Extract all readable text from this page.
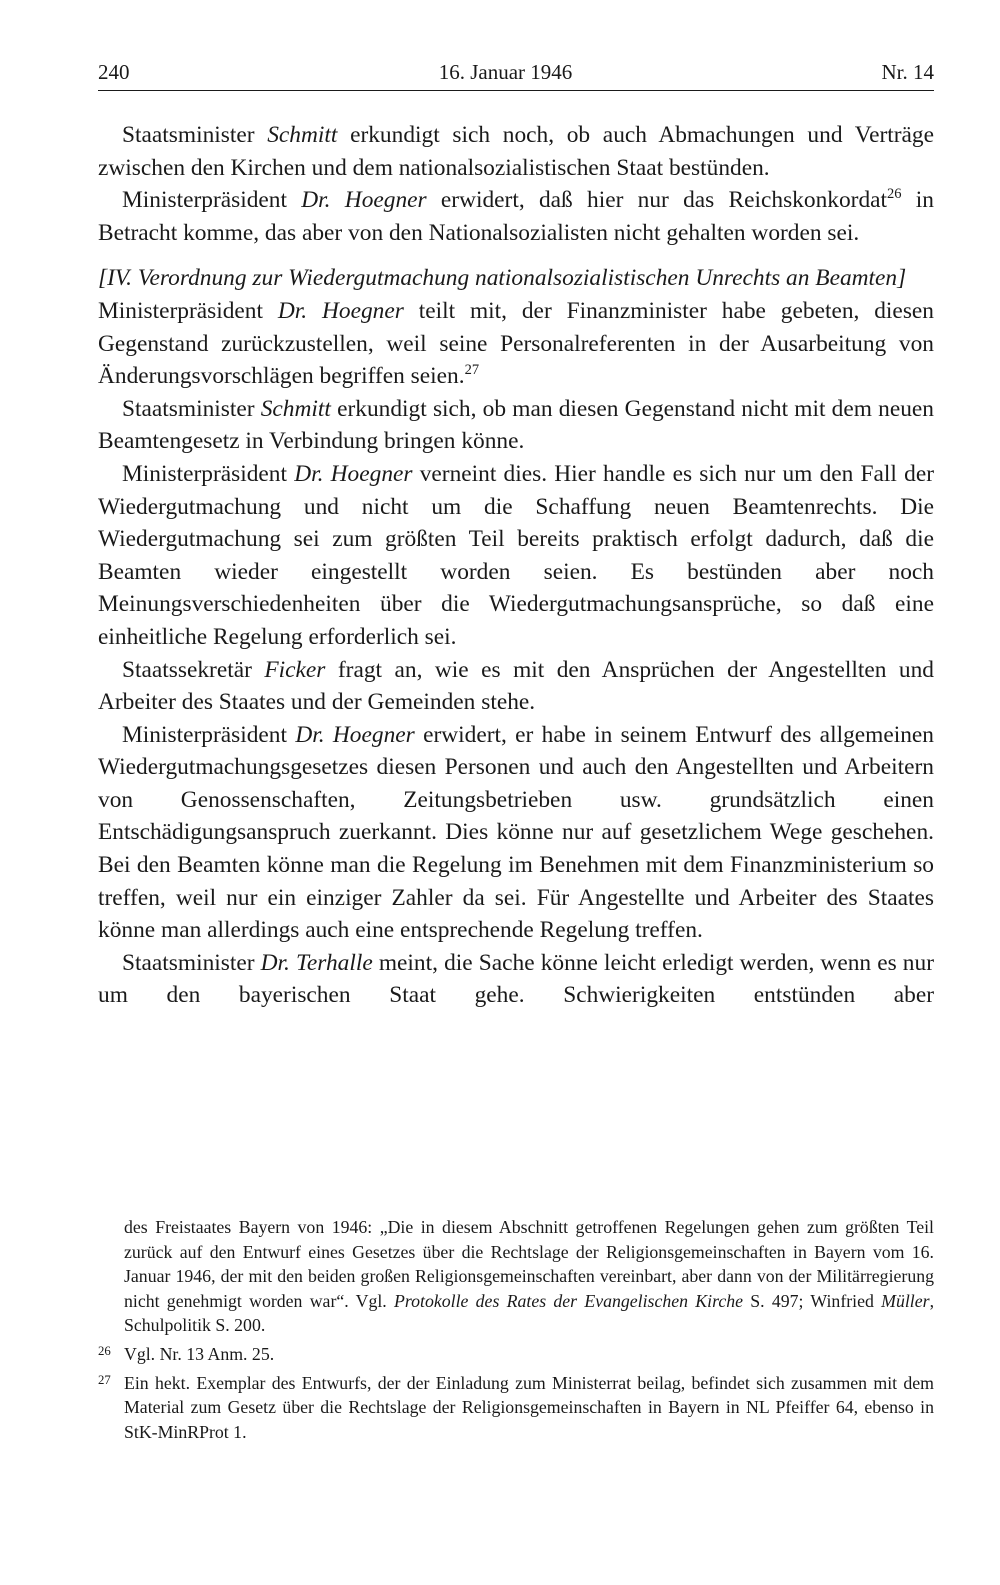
240	16. Januar 1946	Nr. 14

Staatsminister Schmitt erkundigt sich noch, ob auch Abmachungen und Verträge zwischen den Kirchen und dem nationalsozialistischen Staat bestünden.

Ministerpräsident Dr. Hoegner erwidert, daß hier nur das Reichskonkordat$^{26}$ in Betracht komme, das aber von den Nationalsozialisten nicht gehalten worden sei.

[IV. Verordnung zur Wiedergutmachung nationalsozialistischen Unrechts an Beamten]

Ministerpräsident Dr. Hoegner teilt mit, der Finanzminister habe gebeten, diesen Gegenstand zurückzustellen, weil seine Personalreferenten in der Ausarbeitung von Änderungsvorschlägen begriffen seien.$^{27}$

Staatsminister Schmitt erkundigt sich, ob man diesen Gegenstand nicht mit dem neuen Beamtengesetz in Verbindung bringen könne.

Ministerpräsident Dr. Hoegner verneint dies. Hier handle es sich nur um den Fall der Wiedergutmachung und nicht um die Schaffung neuen Beamtenrechts. Die Wiedergutmachung sei zum größten Teil bereits praktisch erfolgt dadurch, daß die Beamten wieder eingestellt worden seien. Es bestünden aber noch Meinungsverschiedenheiten über die Wiedergutmachungsansprüche, so daß eine einheitliche Regelung erforderlich sei.

Staatssekretär Ficker fragt an, wie es mit den Ansprüchen der Angestellten und Arbeiter des Staates und der Gemeinden stehe.

Ministerpräsident Dr. Hoegner erwidert, er habe in seinem Entwurf des allgemeinen Wiedergutmachungsgesetzes diesen Personen und auch den Angestellten und Arbeitern von Genossenschaften, Zeitungsbetrieben usw. grundsätzlich einen Entschädigungsanspruch zuerkannt. Dies könne nur auf gesetzlichem Wege geschehen. Bei den Beamten könne man die Regelung im Benehmen mit dem Finanzministerium so treffen, weil nur ein einziger Zahler da sei. Für Angestellte und Arbeiter des Staates könne man allerdings auch eine entsprechende Regelung treffen.

Staatsminister Dr. Terhalle meint, die Sache könne leicht erledigt werden, wenn es nur um den bayerischen Staat gehe. Schwierigkeiten entstünden aber

des Freistaates Bayern von 1946: „Die in diesem Abschnitt getroffenen Regelungen gehen zum größten Teil zurück auf den Entwurf eines Gesetzes über die Rechtslage der Religionsgemeinschaften in Bayern vom 16. Januar 1946, der mit den beiden großen Religionsgemeinschaften vereinbart, aber dann von der Militärregierung nicht genehmigt worden war“. Vgl. Protokolle des Rates der Evangelischen Kirche S. 497; Winfried Müller, Schulpolitik S. 200.

26 Vgl. Nr. 13 Anm. 25.
27 Ein hekt. Exemplar des Entwurfs, der der Einladung zum Ministerrat beilag, befindet sich zusammen mit dem Material zum Gesetz über die Rechtslage der Religionsgemeinschaften in Bayern in NL Pfeiffer 64, ebenso in StK-MinRProt 1.
